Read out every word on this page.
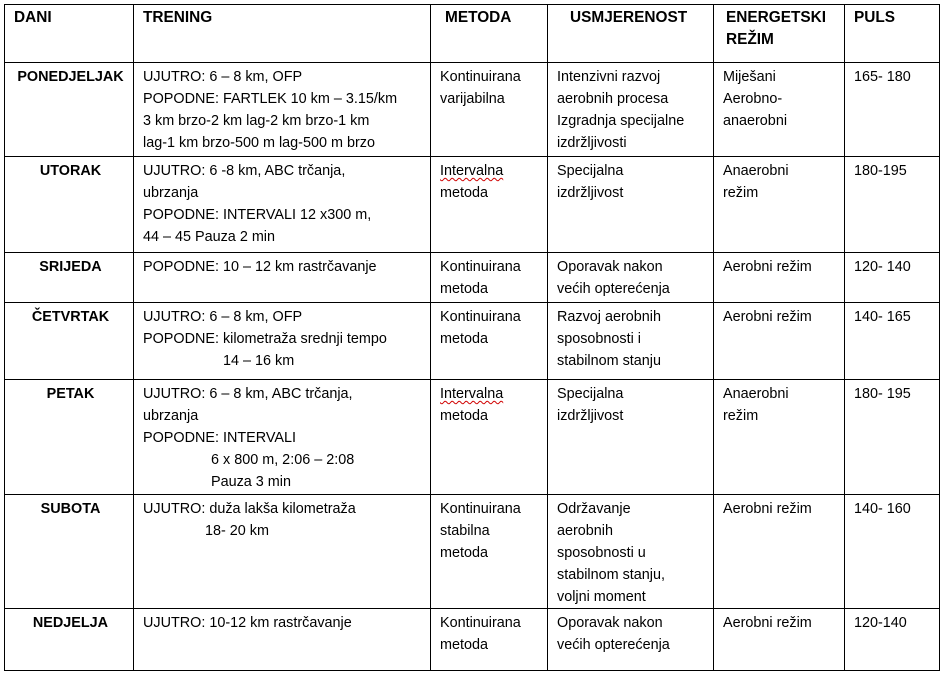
DANI	TRENING	METODA	USMJERENOST	ENERGETSKI REŽIM	PULS
PONEDJELJAK	UJUTRO: 6 – 8 km, OFP
POPODNE: FARTLEK 10 km – 3.15/km
3 km brzo-2 km lag-2 km brzo-1 km
lag-1 km brzo-500 m lag-500 m brzo	Kontinuirana
varijabilna	Intenzivni razvoj
aerobnih procesa
Izgradnja specijalne
izdržljivosti	Miješani
Aerobno-
anaerobni	165- 180
UTORAK	UJUTRO: 6 -8 km, ABC trčanja,
ubrzanja
POPODNE: INTERVALI 12 x300 m,
44 – 45 Pauza 2 min	Intervalna
metoda	Specijalna
izdržljivost	Anaerobni
režim	180-195
SRIJEDA	POPODNE: 10 – 12 km rastrčavanje	Kontinuirana
metoda	Oporavak nakon
većih opterećenja	Aerobni režim	120- 140
ČETVRTAK	UJUTRO: 6 – 8 km, OFP
POPODNE: kilometraža srednji tempo
14 – 16 km	Kontinuirana
metoda	Razvoj aerobnih
sposobnosti i
stabilnom stanju	Aerobni režim	140- 165
PETAK	UJUTRO: 6 – 8 km, ABC trčanja,
ubrzanja
POPODNE: INTERVALI
6 x 800 m, 2:06 – 2:08
Pauza 3 min	Intervalna
metoda	Specijalna
izdržljivost	Anaerobni
režim	180- 195
SUBOTA	UJUTRO: duža lakša kilometraža
18- 20 km	Kontinuirana
stabilna
metoda	Održavanje
aerobnih
sposobnosti u
stabilnom stanju,
voljni moment	Aerobni režim	140- 160
NEDJELJA	UJUTRO: 10-12 km rastrčavanje	Kontinuirana
metoda	Oporavak nakon
većih opterećenja	Aerobni režim	120-140
